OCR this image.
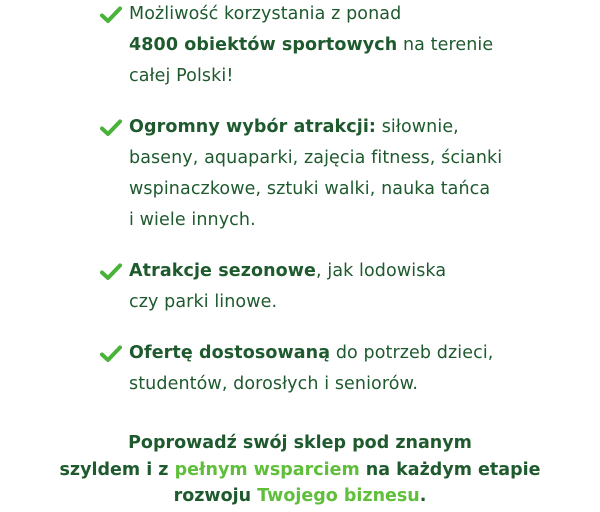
Możliwość korzystania z ponad
4800 obiektów sportowych na terenie
całej Polski!
Ogromny wybór atrakcji: siłownie,
baseny, aquaparki, zajęcia fitness, ścianki
wspinaczkowe, sztuki walki, nauka tańca
i wiele innych.
Atrakcje sezonowe, jak lodowiska
czy parki linowe.
Ofertę dostosowaną do potrzeb dzieci,
studentów, dorosłych i seniorów.
Poprowadź swój sklep pod znanym
szyldem i z pełnym wsparciem na każdym etapie
rozwoju Twojego biznesu.
